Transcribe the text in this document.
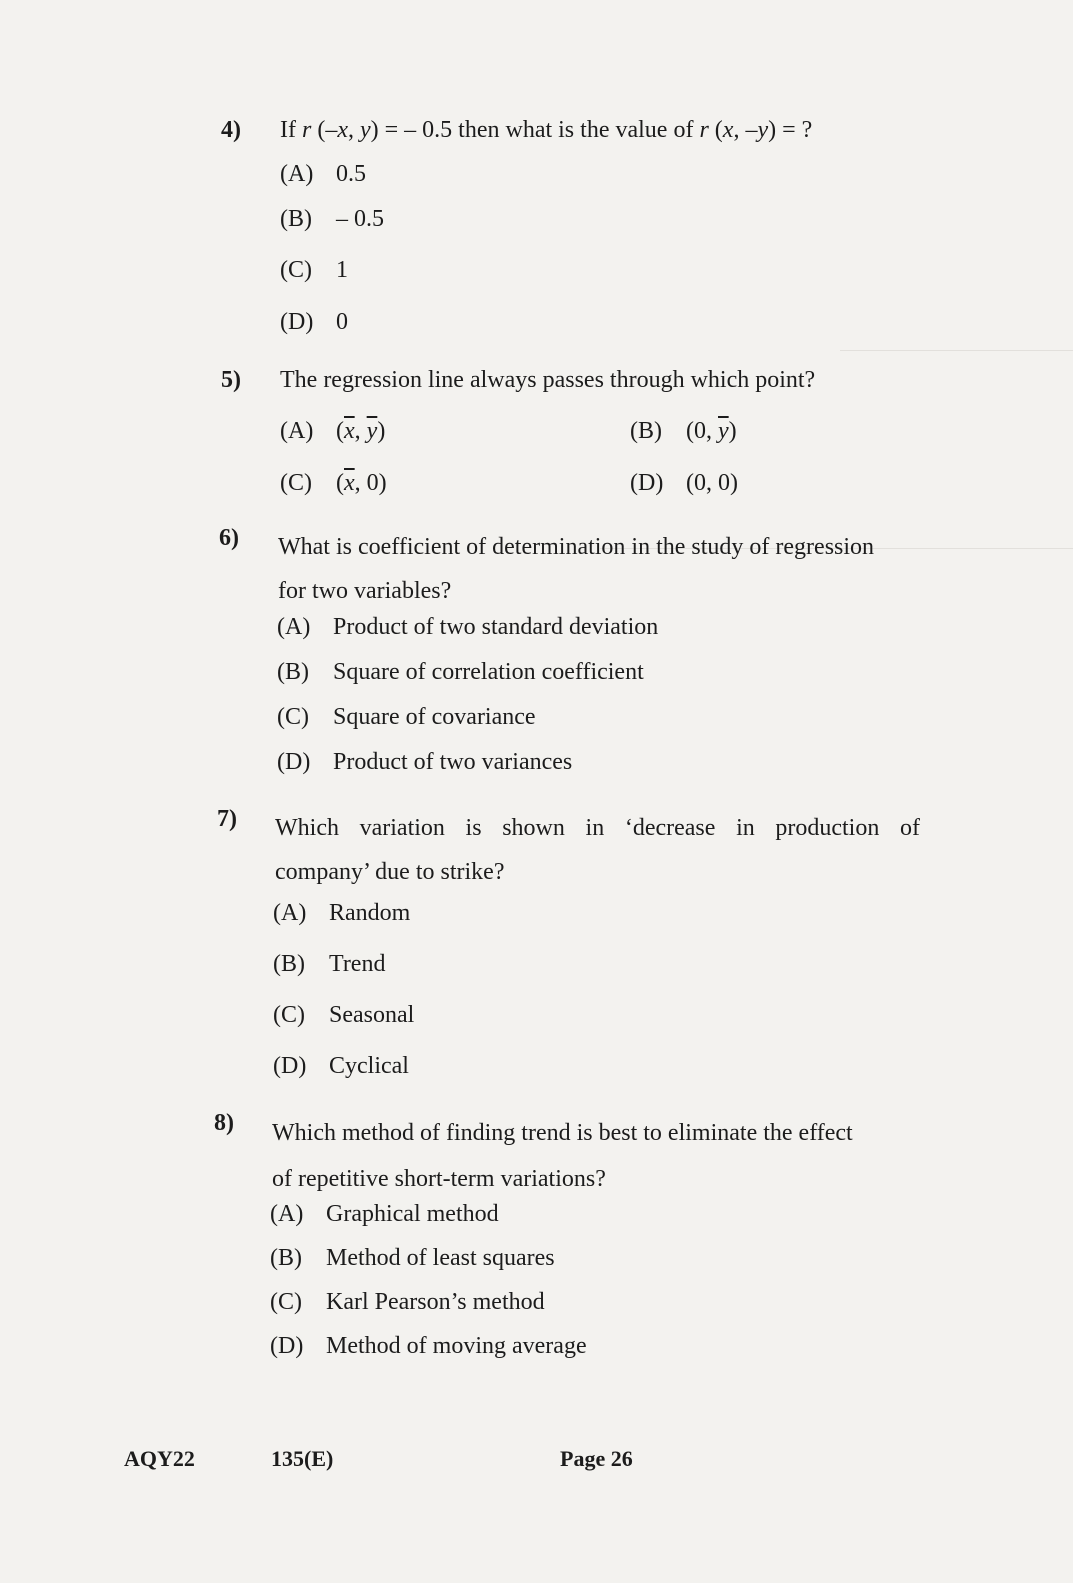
4) If r (–x, y) = – 0.5 then what is the value of r (x, –y) = ?
(A) 0.5
(B) – 0.5
(C) 1
(D) 0
5) The regression line always passes through which point?
(A) ($\overline{x}$, $\overline{y}$)	(B) (0, $\overline{y}$)
(C) ($\overline{x}$, 0)	(D) (0, 0)
6) What is coefficient of determination in the study of regression
for two variables?
(A) Product of two standard deviation
(B) Square of correlation coefficient
(C) Square of covariance
(D) Product of two variances
7) Which variation is shown in ‘decrease in production of
company’ due to strike?
(A) Random
(B) Trend
(C) Seasonal
(D) Cyclical
8) Which method of finding trend is best to eliminate the effect
of repetitive short-term variations?
(A) Graphical method
(B) Method of least squares
(C) Karl Pearson’s method
(D) Method of moving average
AQY22	135(E)	Page 26
